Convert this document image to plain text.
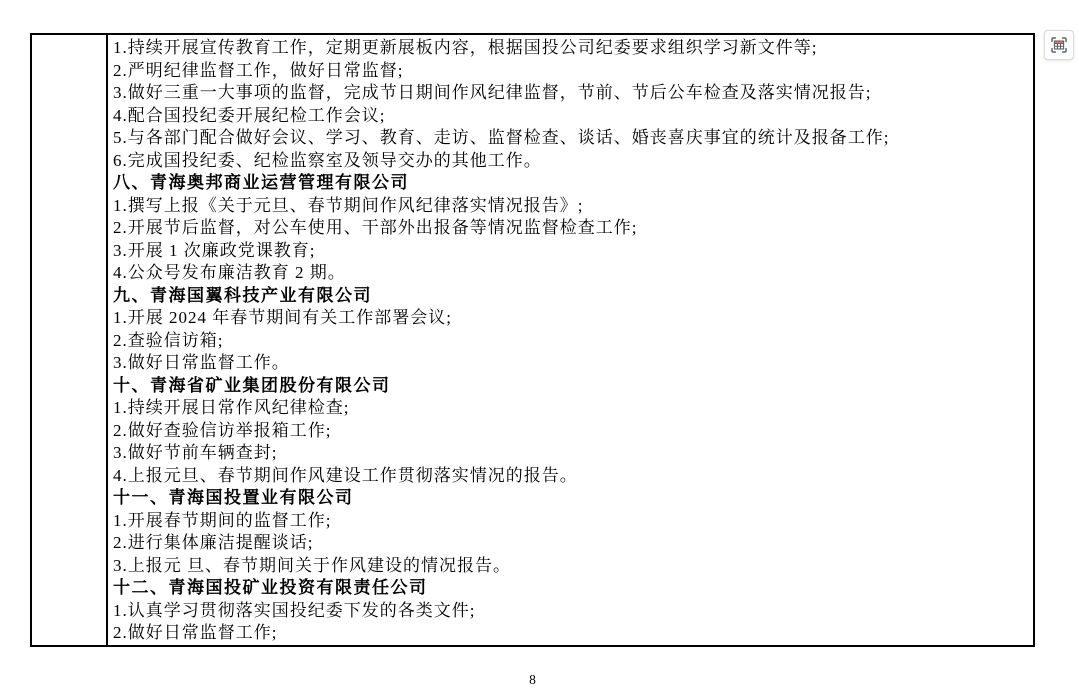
1.持续开展宣传教育工作，定期更新展板内容，根据国投公司纪委要求组织学习新文件等;
2.严明纪律监督工作，做好日常监督;
3.做好三重一大事项的监督，完成节日期间作风纪律监督，节前、节后公车检查及落实情况报告;
4.配合国投纪委开展纪检工作会议;
5.与各部门配合做好会议、学习、教育、走访、监督检查、谈话、婚丧喜庆事宜的统计及报备工作;
6.完成国投纪委、纪检监察室及领导交办的其他工作。
八、青海奥邦商业运营管理有限公司
1.撰写上报《关于元旦、春节期间作风纪律落实情况报告》;
2.开展节后监督，对公车使用、干部外出报备等情况监督检查工作;
3.开展 1 次廉政党课教育;
4.公众号发布廉洁教育 2 期。
九、青海国翼科技产业有限公司
1.开展 2024 年春节期间有关工作部署会议;
2.查验信访箱;
3.做好日常监督工作。
十、青海省矿业集团股份有限公司
1.持续开展日常作风纪律检查;
2.做好查验信访举报箱工作;
3.做好节前车辆查封;
4.上报元旦、春节期间作风建设工作贯彻落实情况的报告。
十一、青海国投置业有限公司
1.开展春节期间的监督工作;
2.进行集体廉洁提醒谈话;
3.上报元 旦、春节期间关于作风建设的情况报告。
十二、青海国投矿业投资有限责任公司
1.认真学习贯彻落实国投纪委下发的各类文件;
2.做好日常监督工作;
8
